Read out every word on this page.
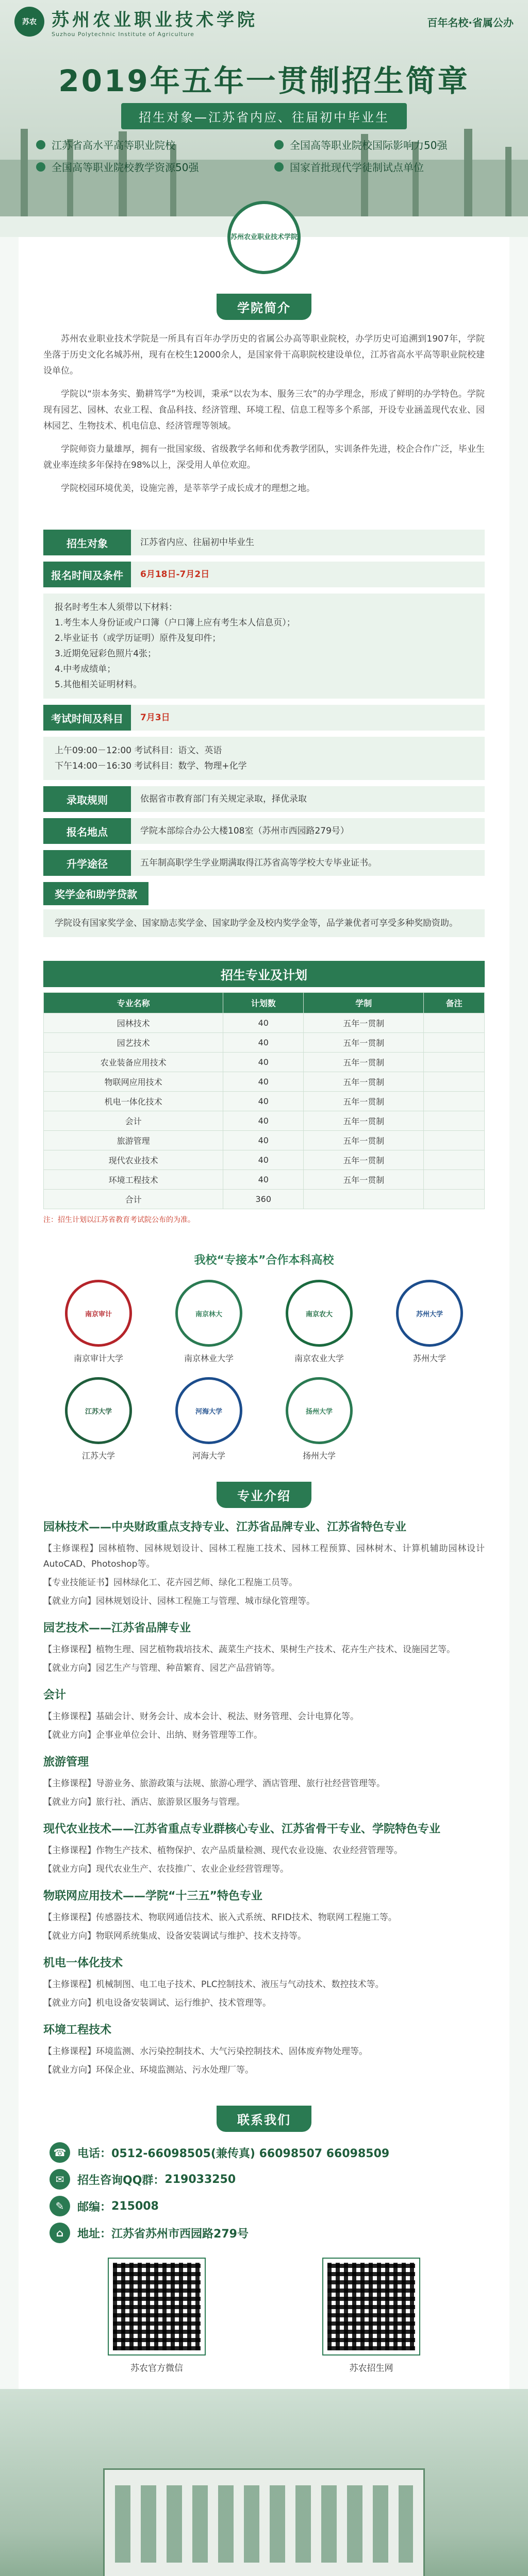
苏农 苏州农业职业技术学院
Suzhou Polytechnic Institute of Agriculture
百年名校·省属公办
2019年五年一贯制招生简章
招生对象—江苏省内应、往届初中毕业生
江苏省高水平高等职业院校	全国高等职业院校国际影响力50强
全国高等职业院校教学资源50强	国家首批现代学徒制试点单位
苏州农业职业技术学院
学院简介

苏州农业职业技术学院是一所具有百年办学历史的省属公办高等职业院校，办学历史可追溯到1907年，学院坐落于历史文化名城苏州，现有在校生12000余人，是国家骨干高职院校建设单位，江苏省高水平高等职业院校建设单位。

学院以“崇本务实、勤耕笃学”为校训，秉承“以农为本、服务三农”的办学理念，形成了鲜明的办学特色。学院现有园艺、园林、农业工程、食品科技、经济管理、环境工程、信息工程等多个系部，开设专业涵盖现代农业、园林园艺、生物技术、机电信息、经济管理等领域。

学院师资力量雄厚，拥有一批国家级、省级教学名师和优秀教学团队，实训条件先进，校企合作广泛，毕业生就业率连续多年保持在98%以上，深受用人单位欢迎。

学院校园环境优美，设施完善，是莘莘学子成长成才的理想之地。

招生对象	江苏省内应、往届初中毕业生
报名时间及条件	6月18日-7月2日
报名时考生本人须带以下材料：
1.考生本人身份证或户口簿（户口簿上应有考生本人信息页）；
2.毕业证书（或学历证明）原件及复印件；
3.近期免冠彩色照片4张；
4.中考成绩单；
5.其他相关证明材料。
考试时间及科目	7月3日
上午09:00－12:00 考试科目：语文、英语
下午14:00－16:30 考试科目：数学、物理+化学
录取规则	依据省市教育部门有关规定录取，择优录取
报名地点	学院本部综合办公大楼108室（苏州市西园路279号）
升学途径	五年制高职学生学业期满取得江苏省高等学校大专毕业证书。
奖学金和助学贷款
学院设有国家奖学金、国家励志奖学金、国家助学金及校内奖学金等，品学兼优者可享受多种奖励资助。
招生专业及计划
专业名称	计划数	学制	备注
园林技术	40	五年一贯制	
园艺技术	40	五年一贯制	
农业装备应用技术	40	五年一贯制	
物联网应用技术	40	五年一贯制	
机电一体化技术	40	五年一贯制	
会计	40	五年一贯制	
旅游管理	40	五年一贯制	
现代农业技术	40	五年一贯制	
环境工程技术	40	五年一贯制	
合计	360		
注：招生计划以江苏省教育考试院公布的为准。
我校“专接本”合作本科高校
南京审计
南京审计大学
南京林大
南京林业大学
南京农大
南京农业大学
苏州大学
苏州大学
江苏大学
江苏大学
河海大学
河海大学
扬州大学
扬州大学
专业介绍
园林技术——中央财政重点支持专业、江苏省品牌专业、江苏省特色专业

【主修课程】园林植物、园林规划设计、园林工程施工技术、园林工程预算、园林树木、计算机辅助园林设计AutoCAD、Photoshop等。

【专业技能证书】园林绿化工、花卉园艺师、绿化工程施工员等。

【就业方向】园林规划设计、园林工程施工与管理、城市绿化管理等。

园艺技术——江苏省品牌专业

【主修课程】植物生理、园艺植物栽培技术、蔬菜生产技术、果树生产技术、花卉生产技术、设施园艺等。

【就业方向】园艺生产与管理、种苗繁育、园艺产品营销等。

会计

【主修课程】基础会计、财务会计、成本会计、税法、财务管理、会计电算化等。

【就业方向】企事业单位会计、出纳、财务管理等工作。

旅游管理

【主修课程】导游业务、旅游政策与法规、旅游心理学、酒店管理、旅行社经营管理等。

【就业方向】旅行社、酒店、旅游景区服务与管理。

现代农业技术——江苏省重点专业群核心专业、江苏省骨干专业、学院特色专业

【主修课程】作物生产技术、植物保护、农产品质量检测、现代农业设施、农业经营管理等。

【就业方向】现代农业生产、农技推广、农业企业经营管理等。

物联网应用技术——学院“十三五”特色专业

【主修课程】传感器技术、物联网通信技术、嵌入式系统、RFID技术、物联网工程施工等。

【就业方向】物联网系统集成、设备安装调试与维护、技术支持等。

机电一体化技术

【主修课程】机械制图、电工电子技术、PLC控制技术、液压与气动技术、数控技术等。

【就业方向】机电设备安装调试、运行维护、技术管理等。

环境工程技术

【主修课程】环境监测、水污染控制技术、大气污染控制技术、固体废弃物处理等。

【就业方向】环保企业、环境监测站、污水处理厂等。

联系我们
☎ 电话： 0512-66098505(兼传真) 66098507 66098509
✉	招生咨询QQ群： 219033250
✎	邮编： 215008
⌂	地址： 江苏省苏州市西园路279号
苏农官方微信	苏农招生网
